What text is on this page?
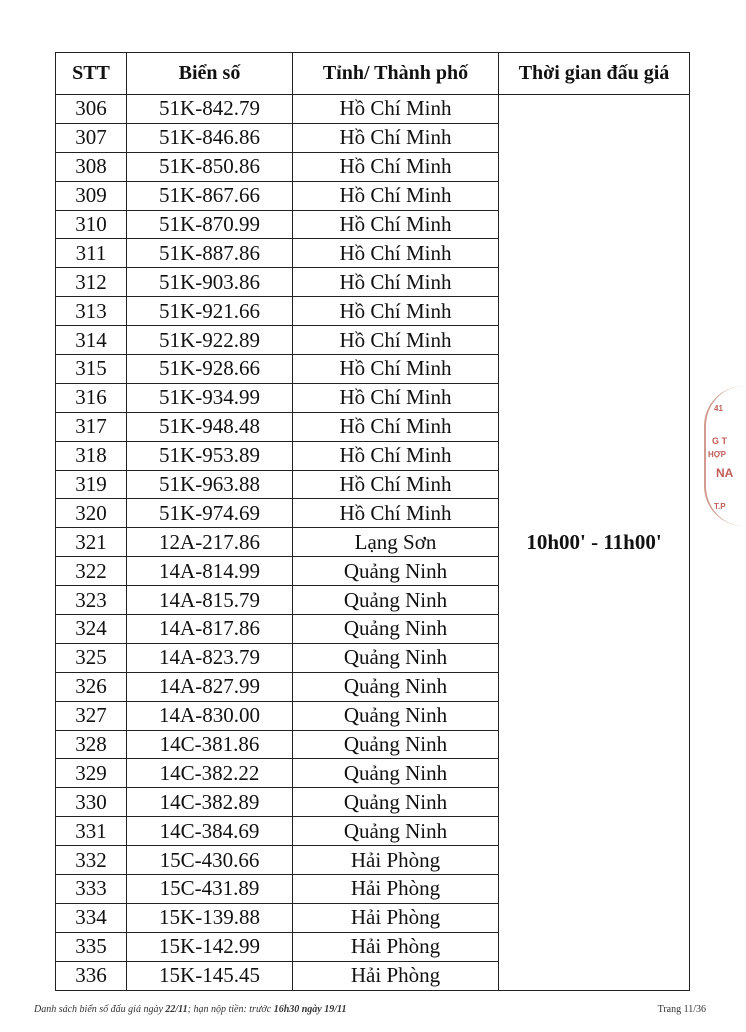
STT	Biển số	Tỉnh/ Thành phố	Thời gian đấu giá
306	51K-842.79	Hồ Chí Minh	10h00' - 11h00'
307	51K-846.86	Hồ Chí Minh	
308	51K-850.86	Hồ Chí Minh	
309	51K-867.66	Hồ Chí Minh	
310	51K-870.99	Hồ Chí Minh	
311	51K-887.86	Hồ Chí Minh	
312	51K-903.86	Hồ Chí Minh	
313	51K-921.66	Hồ Chí Minh	
314	51K-922.89	Hồ Chí Minh	
315	51K-928.66	Hồ Chí Minh	
316	51K-934.99	Hồ Chí Minh	
317	51K-948.48	Hồ Chí Minh	
318	51K-953.89	Hồ Chí Minh	
319	51K-963.88	Hồ Chí Minh	
320	51K-974.69	Hồ Chí Minh	
321	12A-217.86	Lạng Sơn	
322	14A-814.99	Quảng Ninh	
323	14A-815.79	Quảng Ninh	
324	14A-817.86	Quảng Ninh	
325	14A-823.79	Quảng Ninh	
326	14A-827.99	Quảng Ninh	
327	14A-830.00	Quảng Ninh	
328	14C-381.86	Quảng Ninh	
329	14C-382.22	Quảng Ninh	
330	14C-382.89	Quảng Ninh	
331	14C-384.69	Quảng Ninh	
332	15C-430.66	Hải Phòng	
333	15C-431.89	Hải Phòng	
334	15K-139.88	Hải Phòng	
335	15K-142.99	Hải Phòng	
336	15K-145.45	Hải Phòng	
Danh sách biển số đấu giá ngày 22/11; hạn nộp tiền: trước 16h30 ngày 19/11	Trang 11/36
41
G T
HỢP
NA
T.P
